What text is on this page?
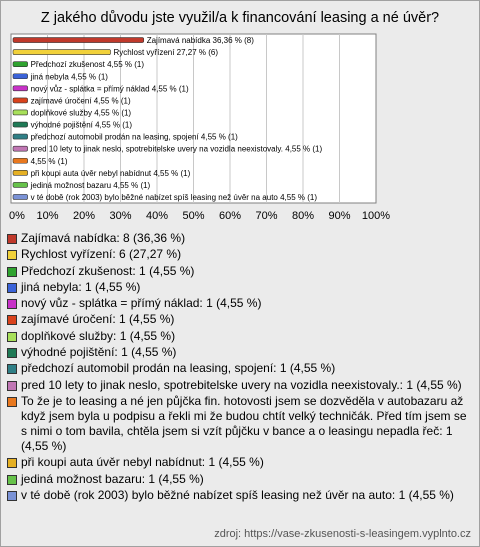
Z jakého důvodu jste využil/a k financování leasing a né úvěr?
0% 10% 20% 30% 40% 50% 60% 70% 80% 90% 100%
Zajímavá nabídka 36,36 % (8)
Rychlost vyřízení 27,27 % (6)
Předchozí zkušenost 4,55 % (1)
jiná nebyla 4,55 % (1)
nový vůz - splátka = přímý náklad 4,55 % (1)
zajímavé úročení 4,55 % (1)
doplňkové služby 4,55 % (1)
výhodné pojištění 4,55 % (1)
předchozí automobil prodán na leasing, spojení 4,55 % (1)
pred 10 lety to jinak neslo, spotrebitelske uvery na vozidla neexistovaly. 4,55 % (1)
4,55 % (1)
při koupi auta úvěr nebyl nabídnut 4,55 % (1)
jediná možnost bazaru 4,55 % (1)
v té době (rok 2003) bylo běžné nabízet spíš leasing než úvěr na auto 4,55 % (1)
Zajímavá nabídka: 8 (36,36 %)
Rychlost vyřízení: 6 (27,27 %)
Předchozí zkušenost: 1 (4,55 %)
jiná nebyla: 1 (4,55 %)
nový vůz - splátka = přímý náklad: 1 (4,55 %)
zajímavé úročení: 1 (4,55 %)
doplňkové služby: 1 (4,55 %)
výhodné pojištění: 1 (4,55 %)
předchozí automobil prodán na leasing, spojení: 1 (4,55 %)
pred 10 lety to jinak neslo, spotrebitelske uvery na vozidla neexistovaly.: 1 (4,55 %)
To že je to leasing a né jen půjčka fin. hotovosti jsem se dozvěděla v autobazaru až když jsem byla u podpisu a řekli mi že budou chtít velký techničák. Před tím jsem se s nimi o tom bavila, chtěla jsem si vzít půjčku v bance a o leasingu nepadla řeč: 1 (4,55 %)
při koupi auta úvěr nebyl nabídnut: 1 (4,55 %)
jediná možnost bazaru: 1 (4,55 %)
v té době (rok 2003) bylo běžné nabízet spíš leasing než úvěr na auto: 1 (4,55 %)
zdroj: https://vase-zkusenosti-s-leasingem.vyplnto.cz
